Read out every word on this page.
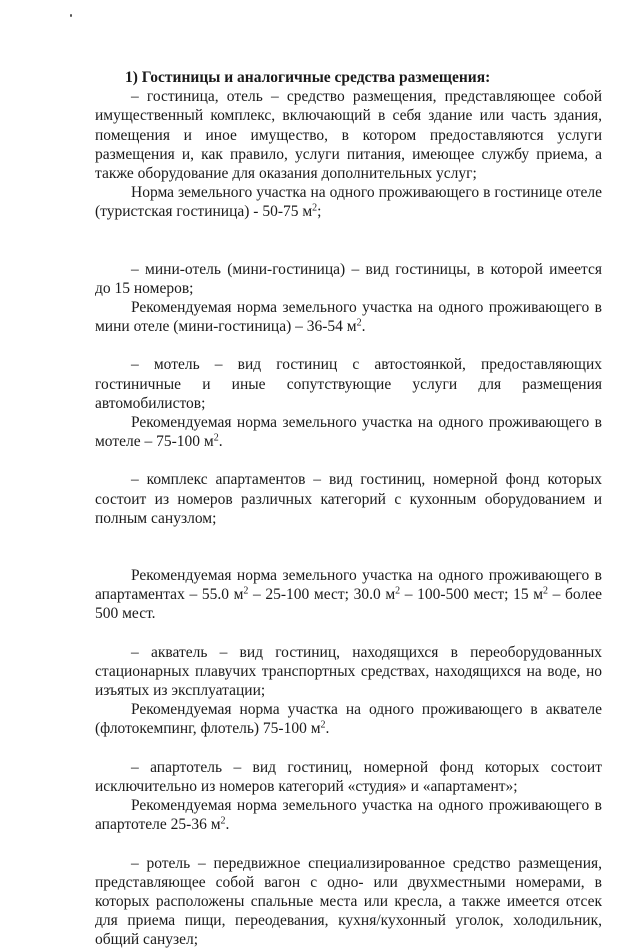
1) Гостиницы и аналогичные средства размещения:

– гостиница, отель – средство размещения, представляющее собой имущественный комплекс, включающий в себя здание или часть здания, помещения и иное имущество, в котором предоставляются услуги размещения и, как правило, услуги питания, имеющее службу приема, а также оборудование для оказания дополнительных услуг;

Норма земельного участка на одного проживающего в гостинице отеле (туристская гостиница) - 50-75 $м^2$;

– мини-отель (мини-гостиница) – вид гостиницы, в которой имеется до 15 номеров;

Рекомендуемая норма земельного участка на одного проживающего в мини отеле (мини-гостиница) – 36-54 $м^2$.

– мотель – вид гостиниц с автостоянкой, предоставляющих гостиничные и иные сопутствующие услуги для размещения автомобилистов;

Рекомендуемая норма земельного участка на одного проживающего в мотеле – 75-100 $м^2$.

– комплекс апартаментов – вид гостиниц, номерной фонд которых состоит из номеров различных категорий с кухонным оборудованием и полным санузлом;

Рекомендуемая норма земельного участка на одного проживающего в апартаментах – 55.0 $м^2 - 25-100$ мест; 30.0 $м^2 - 100-500$ мест; 15 $м^2$ – более 500 мест.

– акватель – вид гостиниц, находящихся в переоборудованных стационарных плавучих транспортных средствах, находящихся на воде, но изъятых из эксплуатации;

Рекомендуемая норма участка на одного проживающего в аквателе (флотокемпинг, флотель) 75-100 $м^2$.

– апартотель – вид гостиниц, номерной фонд которых состоит исключительно из номеров категорий «студия» и «апартамент»;

Рекомендуемая норма земельного участка на одного проживающего в апартотеле 25-36 $м^2$.

– ротель – передвижное специализированное средство размещения, представляющее собой вагон с одно- или двухместными номерами, в которых расположены спальные места или кресла, а также имеется отсек для приема пищи, переодевания, кухня/кухонный уголок, холодильник, общий санузел;
